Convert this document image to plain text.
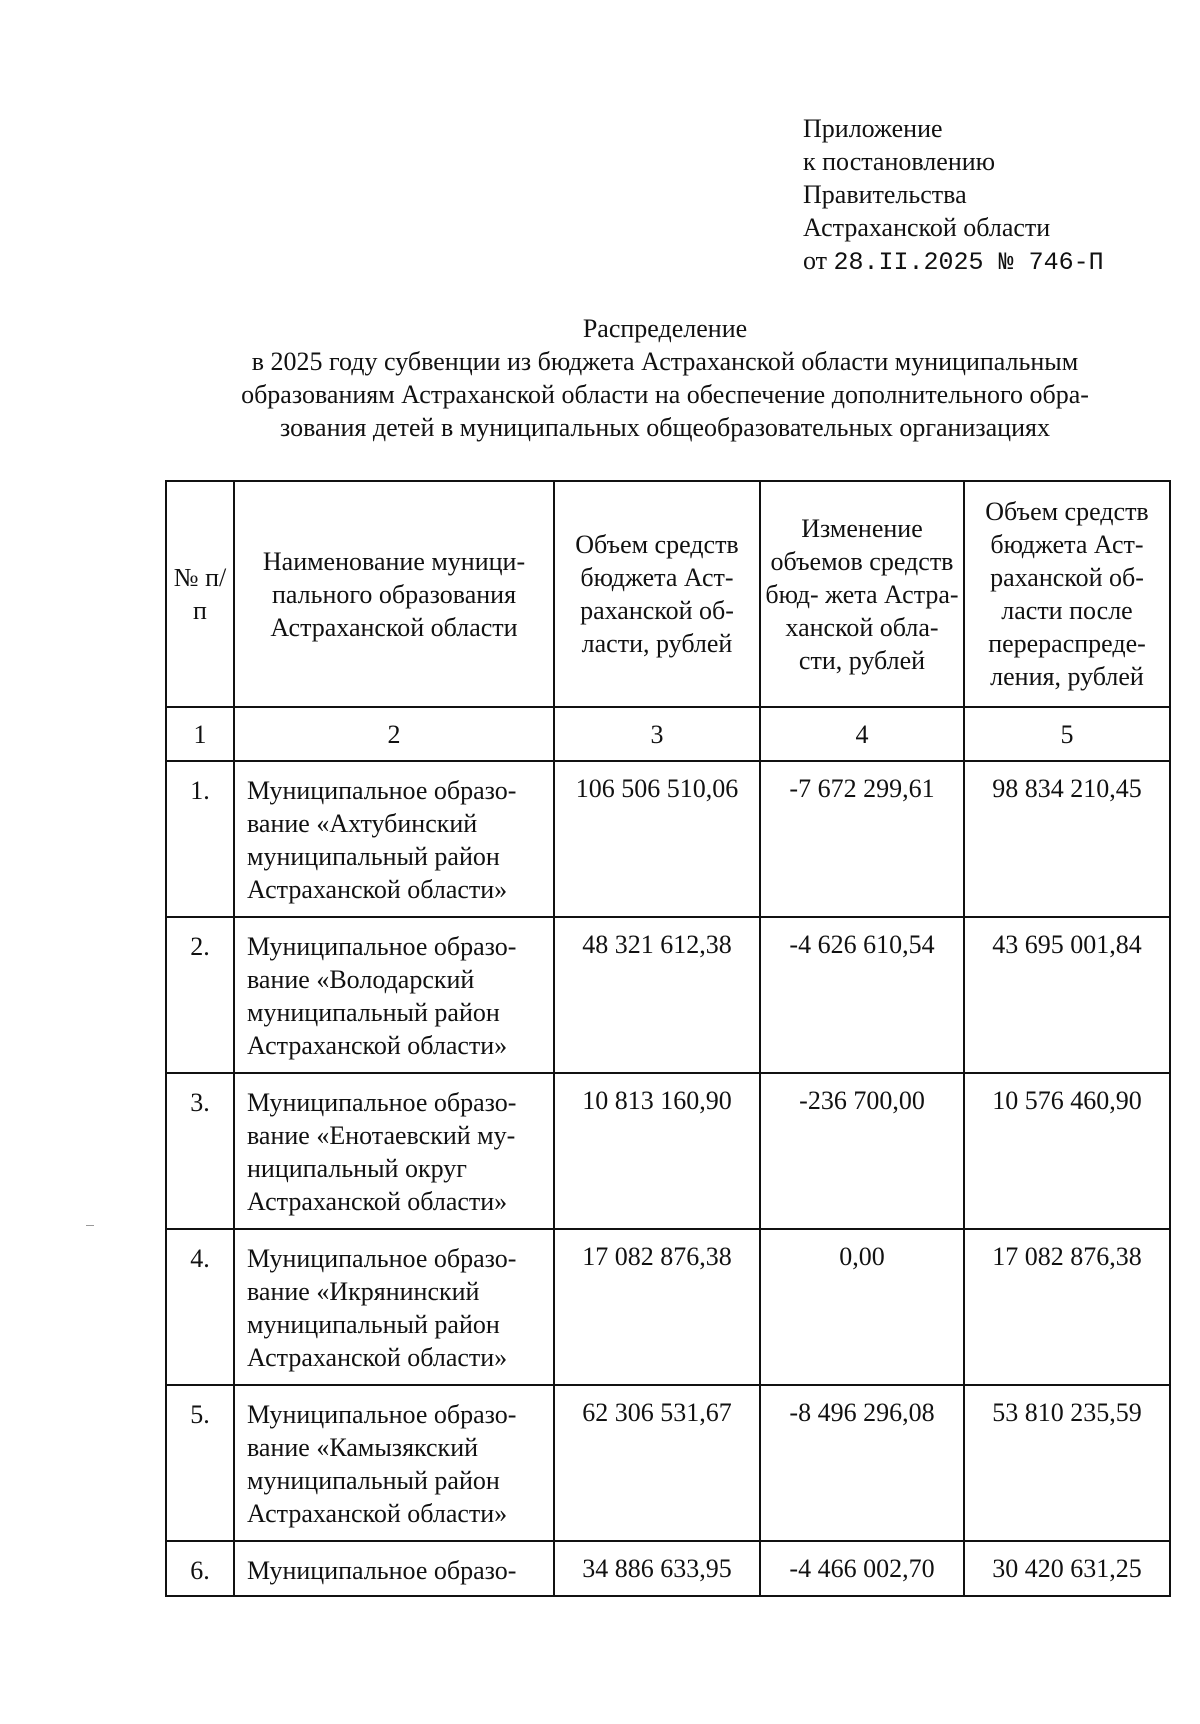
Приложение
к постановлению
Правительства
Астраханской области
от 28.II.2025 № 746-П
Распределение
в 2025 году субвенции из бюджета Астраханской области муниципальным
образованиям Астраханской области на обеспечение дополнительного обра-
зования детей в муниципальных общеобразовательных организациях
№ п/п	Наименование муници- пального образования Астраханской области	Объем средств бюджета Аст- раханской об- ласти, рублей	Изменение объемов средств бюд- жета Астра- ханской обла- сти, рублей	Объем средств бюджета Аст- раханской об- ласти после перераспреде- ления, рублей
1	2	3	4	5
1.	Муниципальное образо- вание «Ахтубинский муниципальный район Астраханской области»	106 506 510,06	-7 672 299,61	98 834 210,45
2.	Муниципальное образо- вание «Володарский муниципальный район Астраханской области»	48 321 612,38	-4 626 610,54	43 695 001,84
3.	Муниципальное образо- вание «Енотаевский му- ниципальный округ Астраханской области»	10 813 160,90	-236 700,00	10 576 460,90
4.	Муниципальное образо- вание «Икрянинский муниципальный район Астраханской области»	17 082 876,38	0,00	17 082 876,38
5.	Муниципальное образо- вание «Камызякский муниципальный район Астраханской области»	62 306 531,67	-8 496 296,08	53 810 235,59
6.	Муниципальное образо-	34 886 633,95	-4 466 002,70	30 420 631,25
